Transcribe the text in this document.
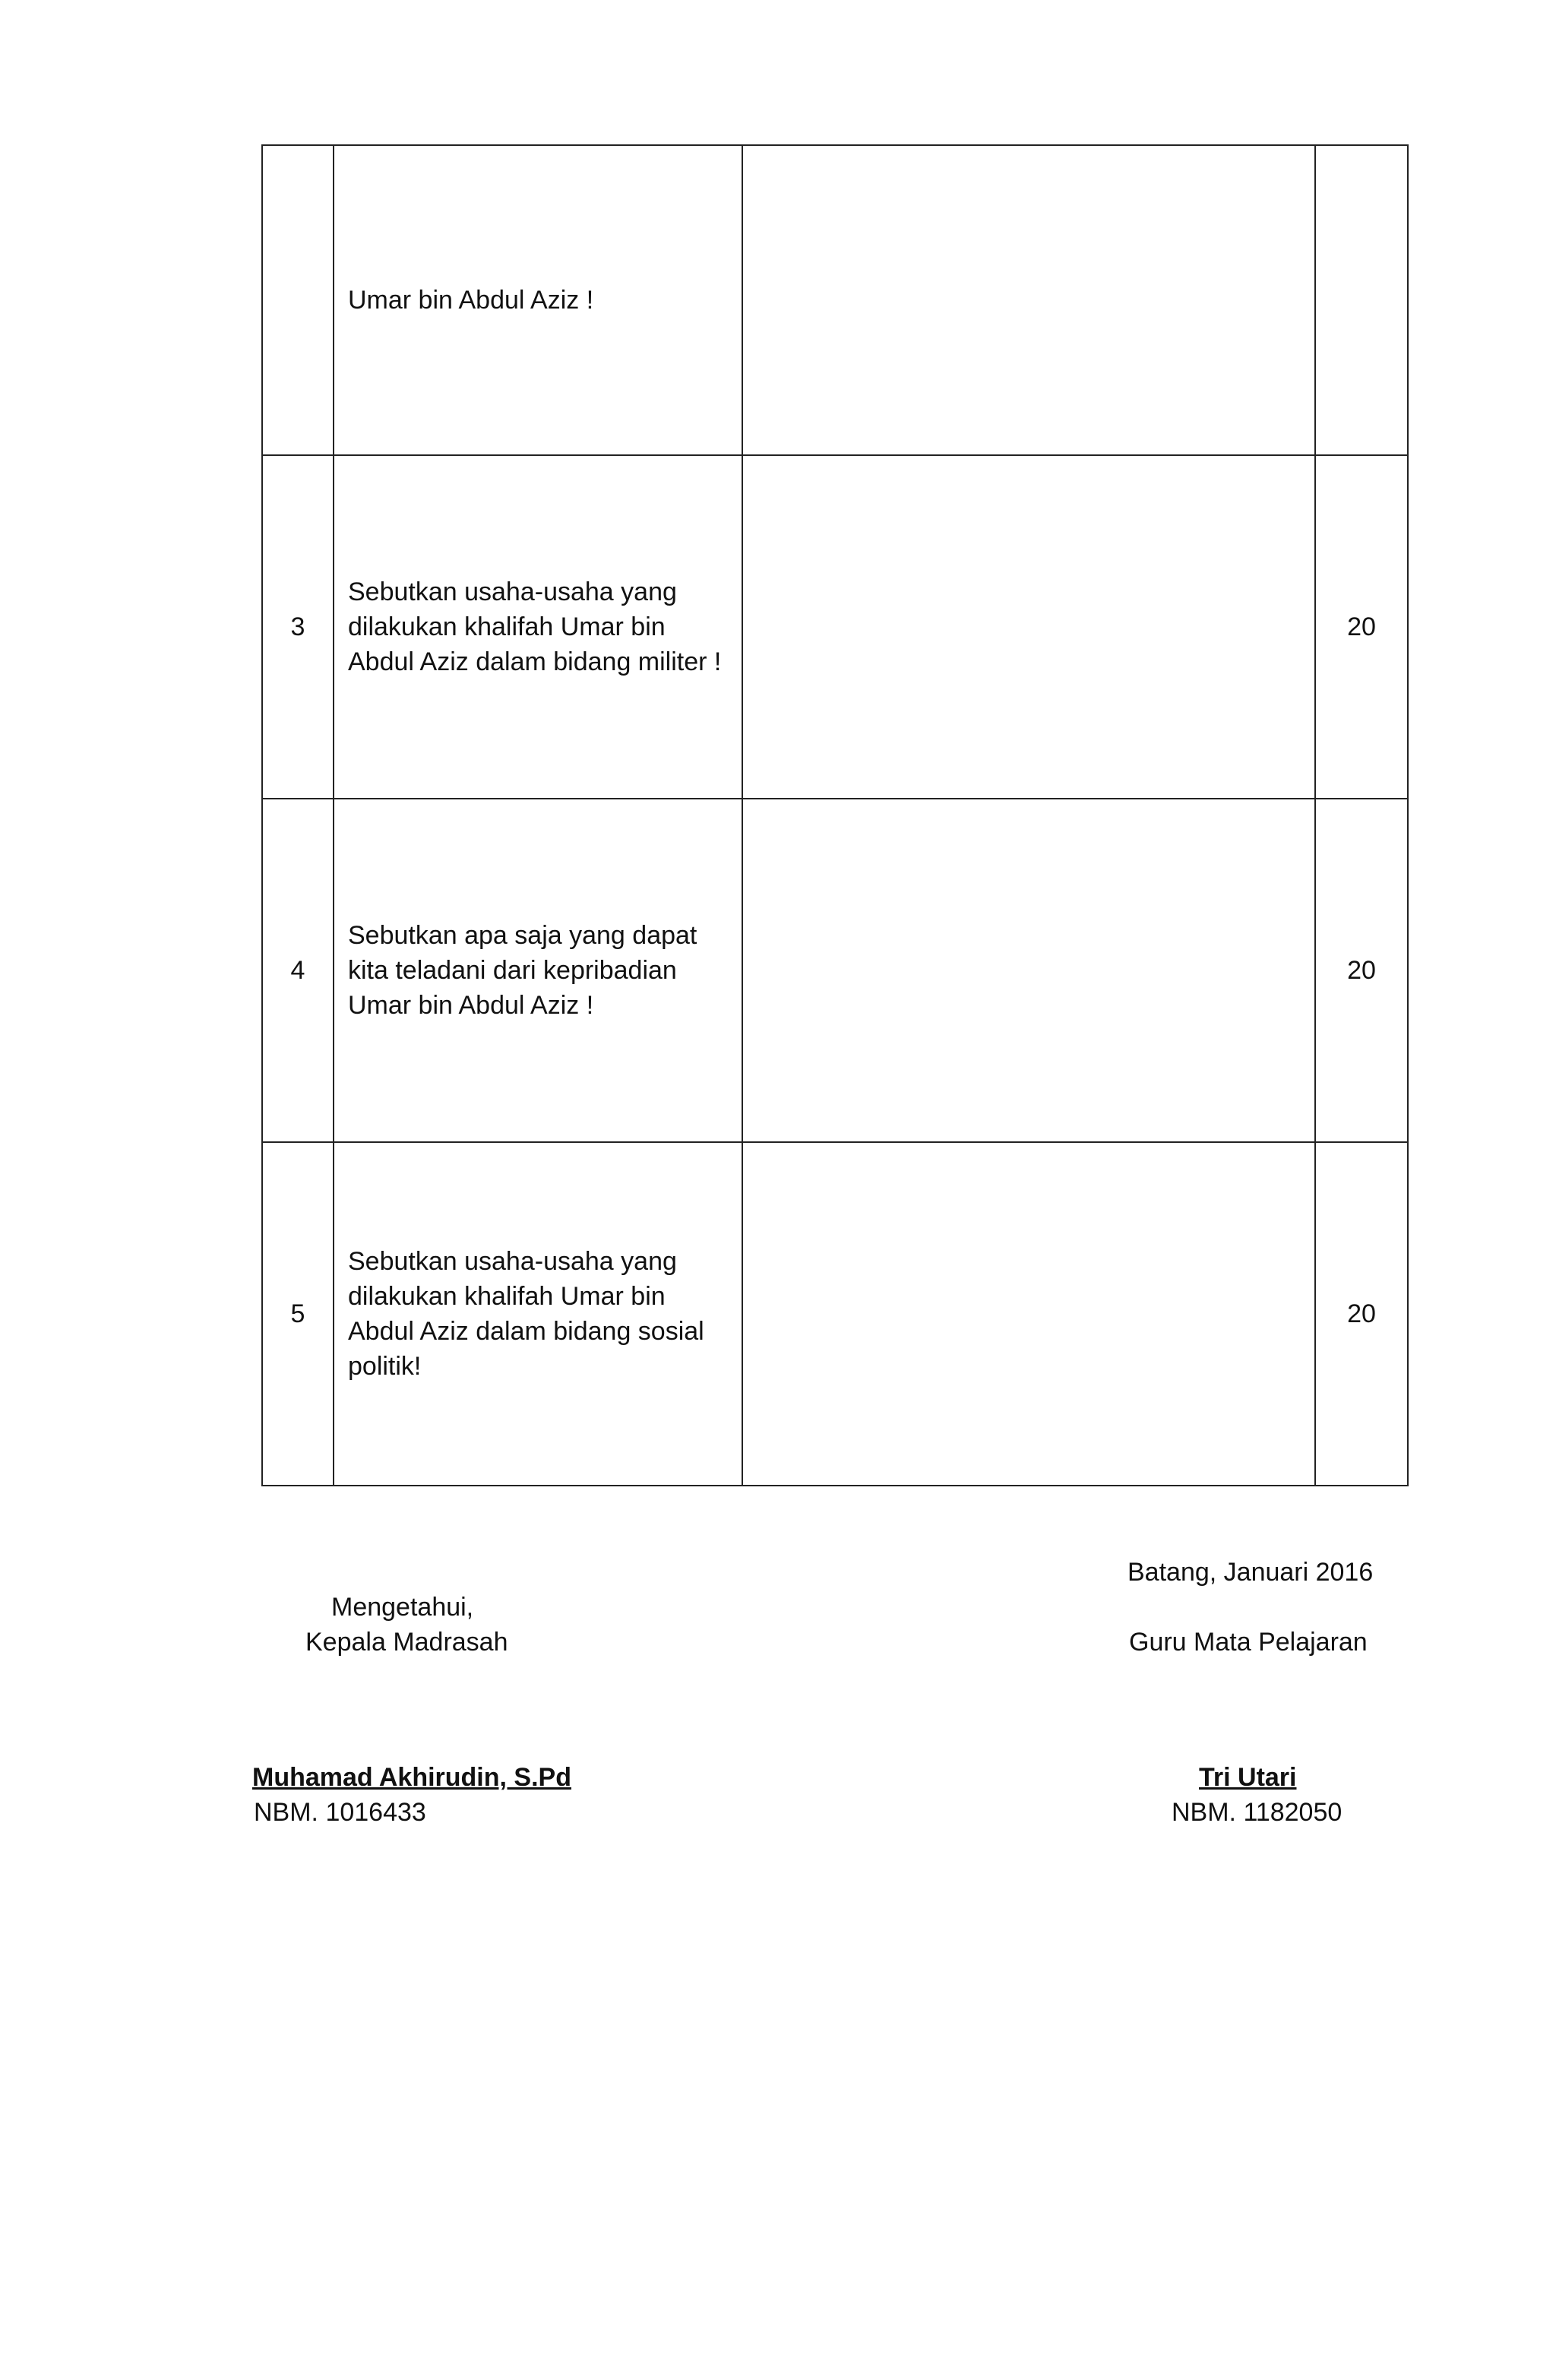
	Umar bin Abdul Aziz !		

3	Sebutkan usaha-usaha yang
dilakukan khalifah Umar bin
Abdul Aziz dalam bidang militer !		20
4	Sebutkan apa saja yang dapat
kita teladani dari kepribadian
Umar bin Abdul Aziz !		20
5	Sebutkan usaha-usaha yang
dilakukan khalifah Umar bin
Abdul Aziz dalam bidang sosial
politik!		20
Batang, Januari 2016
Mengetahui,
Kepala Madrasah	Guru Mata Pelajaran
Muhamad Akhirudin, S.Pd
NBM. 1016433
Tri Utari
NBM. 1182050
